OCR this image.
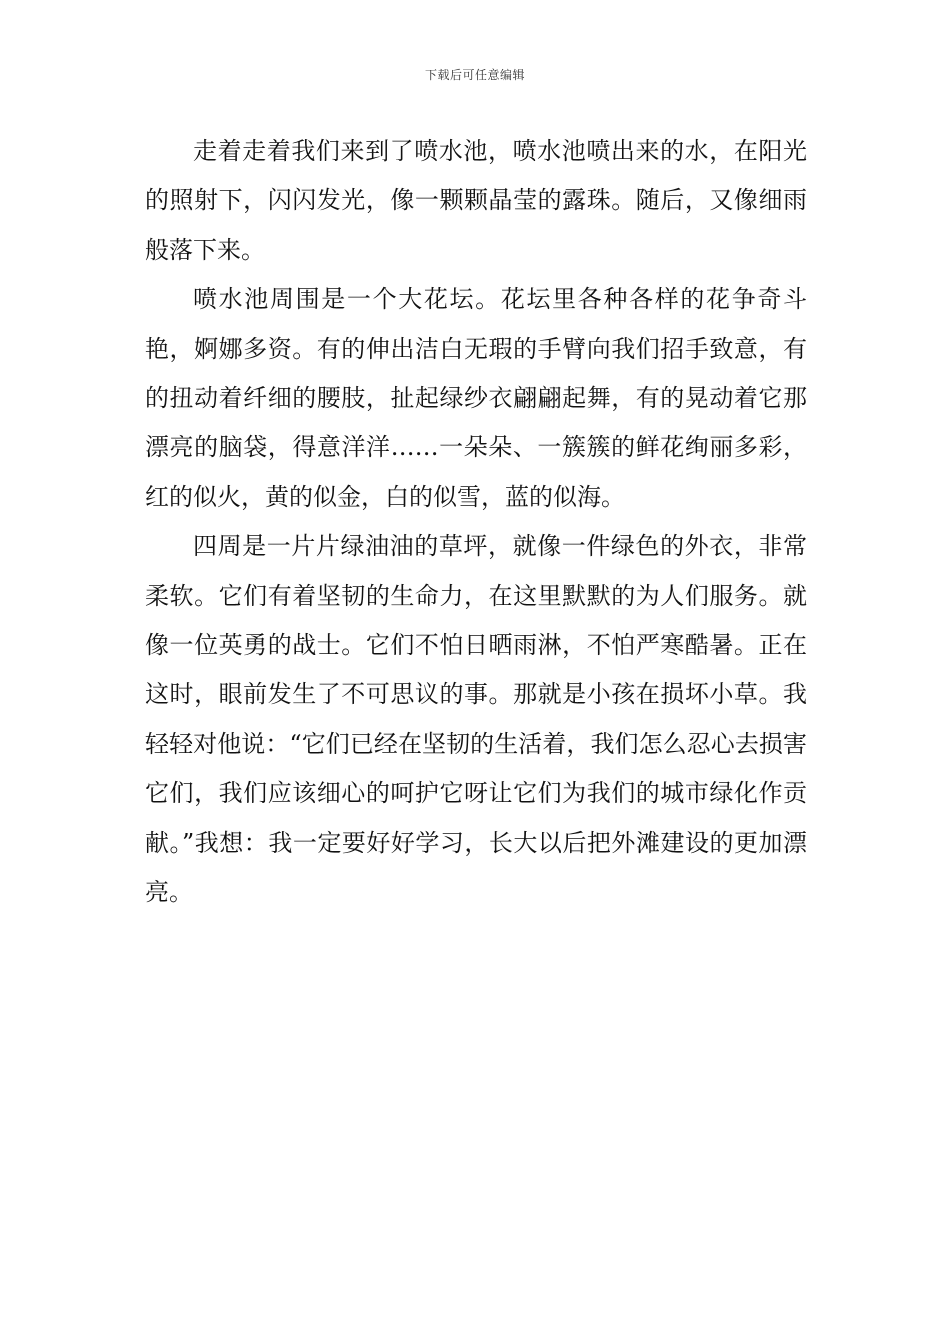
下载后可任意编辑

走着走着我们来到了喷水池，喷水池喷出来的水，在阳光的照射下，闪闪发光，像一颗颗晶莹的露珠。随后，又像细雨般落下来。

喷水池周围是一个大花坛。花坛里各种各样的花争奇斗艳，婀娜多资。有的伸出洁白无瑕的手臂向我们招手致意，有的扭动着纤细的腰肢，扯起绿纱衣翩翩起舞，有的晃动着它那漂亮的脑袋，得意洋洋……一朵朵、一簇簇的鲜花绚丽多彩，红的似火，黄的似金，白的似雪，蓝的似海。

四周是一片片绿油油的草坪，就像一件绿色的外衣，非常柔软。它们有着坚韧的生命力，在这里默默的为人们服务。就像一位英勇的战士。它们不怕日晒雨淋，不怕严寒酷暑。正在这时，眼前发生了不可思议的事。那就是小孩在损坏小草。我轻轻对他说：“它们已经在坚韧的生活着，我们怎么忍心去损害它们，我们应该细心的呵护它呀让它们为我们的城市绿化作贡献。”我想：我一定要好好学习，长大以后把外滩建设的更加漂亮。
